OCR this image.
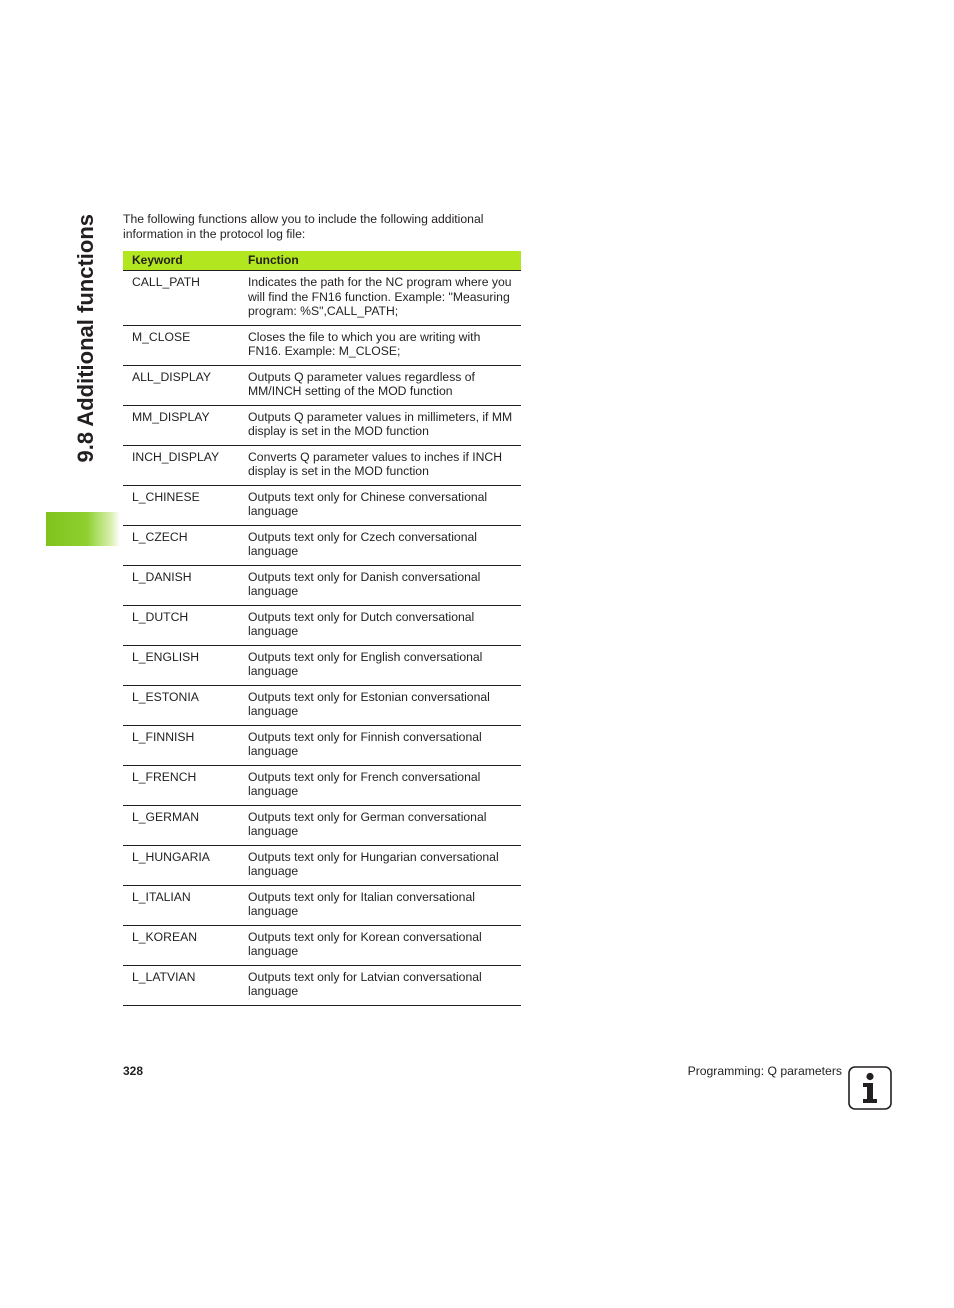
9.8 Additional functions	The following functions allow you to include the following additional information in the protocol log file:

Keyword	Function
CALL_PATH	Indicates the path for the NC program where you will find the FN16 function. Example: "Measuring program: %S",CALL_PATH;
M_CLOSE	Closes the file to which you are writing with FN16. Example: M_CLOSE;
ALL_DISPLAY	Outputs Q parameter values regardless of MM/INCH setting of the MOD function
MM_DISPLAY	Outputs Q parameter values in millimeters, if MM display is set in the MOD function
INCH_DISPLAY	Converts Q parameter values to inches if INCH display is set in the MOD function
L_CHINESE	Outputs text only for Chinese conversational language
L_CZECH	Outputs text only for Czech conversational language
L_DANISH	Outputs text only for Danish conversational language
L_DUTCH	Outputs text only for Dutch conversational language
L_ENGLISH	Outputs text only for English conversational language
L_ESTONIA	Outputs text only for Estonian conversational language
L_FINNISH	Outputs text only for Finnish conversational language
L_FRENCH	Outputs text only for French conversational language
L_GERMAN	Outputs text only for German conversational language
L_HUNGARIA	Outputs text only for Hungarian conversational language
L_ITALIAN	Outputs text only for Italian conversational language
L_KOREAN	Outputs text only for Korean conversational language
L_LATVIAN	Outputs text only for Latvian conversational language
328	Programming: Q parameters
